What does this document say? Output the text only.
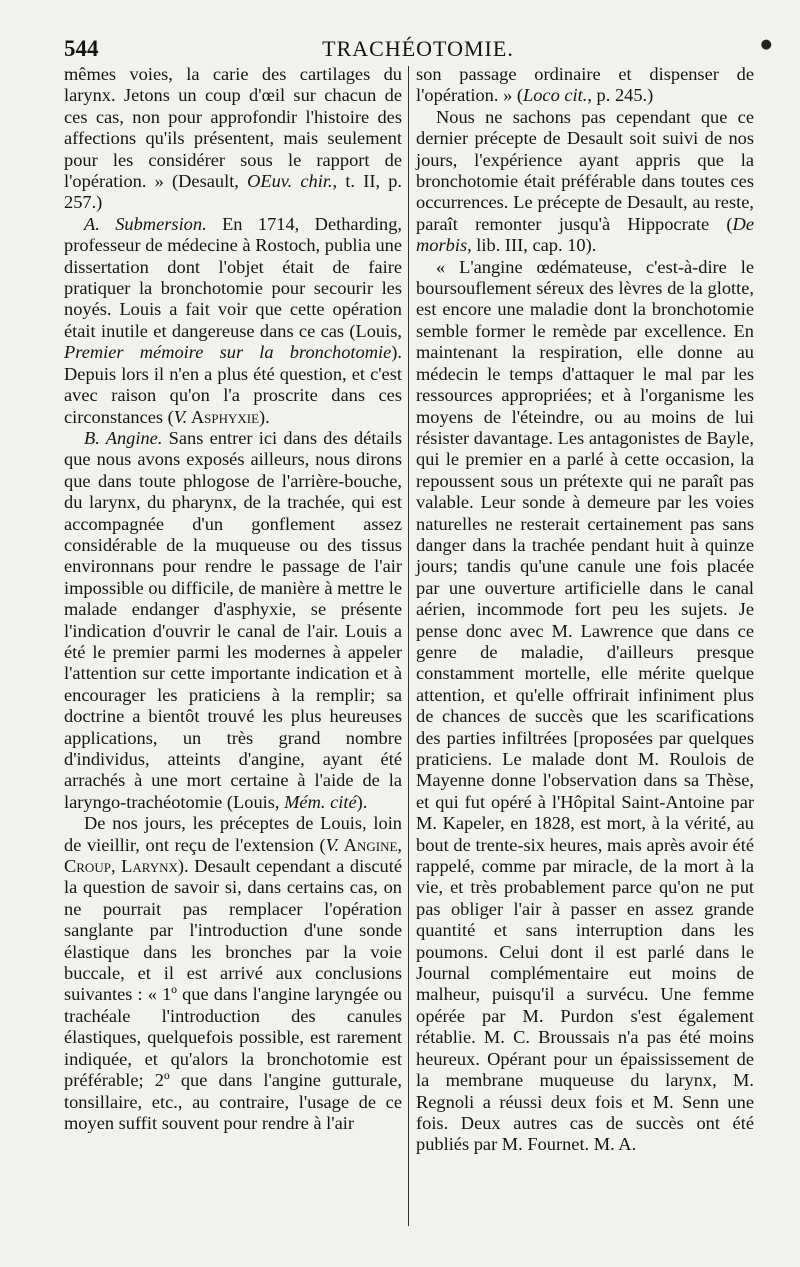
544	TRACHÉOTOMIE.	●

mêmes voies, la carie des cartilages du larynx. Jetons un coup d'œil sur chacun de ces cas, non pour approfondir l'histoire des affections qu'ils présentent, mais seulement pour les considérer sous le rapport de l'opération. » (Desault, OEuv. chir., t. II, p. 257.)

A. Submersion. En 1714, Detharding, professeur de médecine à Rostoch, publia une dissertation dont l'objet était de faire pratiquer la bronchotomie pour secourir les noyés. Louis a fait voir que cette opération était inutile et dangereuse dans ce cas (Louis, Premier mémoire sur la bronchotomie). Depuis lors il n'en a plus été question, et c'est avec raison qu'on l'a proscrite dans ces circonstances (V. Asphyxie).

B. Angine. Sans entrer ici dans des détails que nous avons exposés ailleurs, nous dirons que dans toute phlogose de l'arrière-bouche, du larynx, du pharynx, de la trachée, qui est accompagnée d'un gonflement assez considérable de la muqueuse ou des tissus environnans pour rendre le passage de l'air impossible ou difficile, de manière à mettre le malade endanger d'asphyxie, se présente l'indication d'ouvrir le canal de l'air. Louis a été le premier parmi les modernes à appeler l'attention sur cette importante indication et à encourager les praticiens à la remplir; sa doctrine a bientôt trouvé les plus heureuses applications, un très grand nombre d'individus, atteints d'angine, ayant été arrachés à une mort certaine à l'aide de la laryngo-trachéotomie (Louis, Mém. cité).

De nos jours, les préceptes de Louis, loin de vieillir, ont reçu de l'extension (V. Angine, Croup, Larynx). Desault cependant a discuté la question de savoir si, dans certains cas, on ne pourrait pas remplacer l'opération sanglante par l'introduction d'une sonde élastique dans les bronches par la voie buccale, et il est arrivé aux conclusions suivantes : « 1º que dans l'angine laryngée ou trachéale l'introduction des canules élastiques, quelquefois possible, est rarement indiquée, et qu'alors la bronchotomie est préférable; 2º que dans l'angine gutturale, tonsillaire, etc., au contraire, l'usage de ce moyen suffit souvent pour rendre à l'air

son passage ordinaire et dispenser de l'opération. » (Loco cit., p. 245.)

Nous ne sachons pas cependant que ce dernier précepte de Desault soit suivi de nos jours, l'expérience ayant appris que la bronchotomie était préférable dans toutes ces occurrences. Le précepte de Desault, au reste, paraît remonter jusqu'à Hippocrate (De morbis, lib. III, cap. 10).

« L'angine œdémateuse, c'est-à-dire le boursouflement séreux des lèvres de la glotte, est encore une maladie dont la bronchotomie semble former le remède par excellence. En maintenant la respiration, elle donne au médecin le temps d'attaquer le mal par les ressources appropriées; et à l'organisme les moyens de l'éteindre, ou au moins de lui résister davantage. Les antagonistes de Bayle, qui le premier en a parlé à cette occasion, la repoussent sous un prétexte qui ne paraît pas valable. Leur sonde à demeure par les voies naturelles ne resterait certainement pas sans danger dans la trachée pendant huit à quinze jours; tandis qu'une canule une fois placée par une ouverture artificielle dans le canal aérien, incommode fort peu les sujets. Je pense donc avec M. Lawrence que dans ce genre de maladie, d'ailleurs presque constamment mortelle, elle mérite quelque attention, et qu'elle offrirait infiniment plus de chances de succès que les scarifications des parties infiltrées [proposées par quelques praticiens. Le malade dont M. Roulois de Mayenne donne l'observation dans sa Thèse, et qui fut opéré à l'Hôpital Saint-Antoine par M. Kapeler, en 1828, est mort, à la vérité, au bout de trente-six heures, mais après avoir été rappelé, comme par miracle, de la mort à la vie, et très probablement parce qu'on ne put pas obliger l'air à passer en assez grande quantité et sans interruption dans les poumons. Celui dont il est parlé dans le Journal complémentaire eut moins de malheur, puisqu'il a survécu. Une femme opérée par M. Purdon s'est également rétablie. M. C. Broussais n'a pas été moins heureux. Opérant pour un épaississement de la membrane muqueuse du larynx, M. Regnoli a réussi deux fois et M. Senn une fois. Deux autres cas de succès ont été publiés par M. Fournet. M. A.
